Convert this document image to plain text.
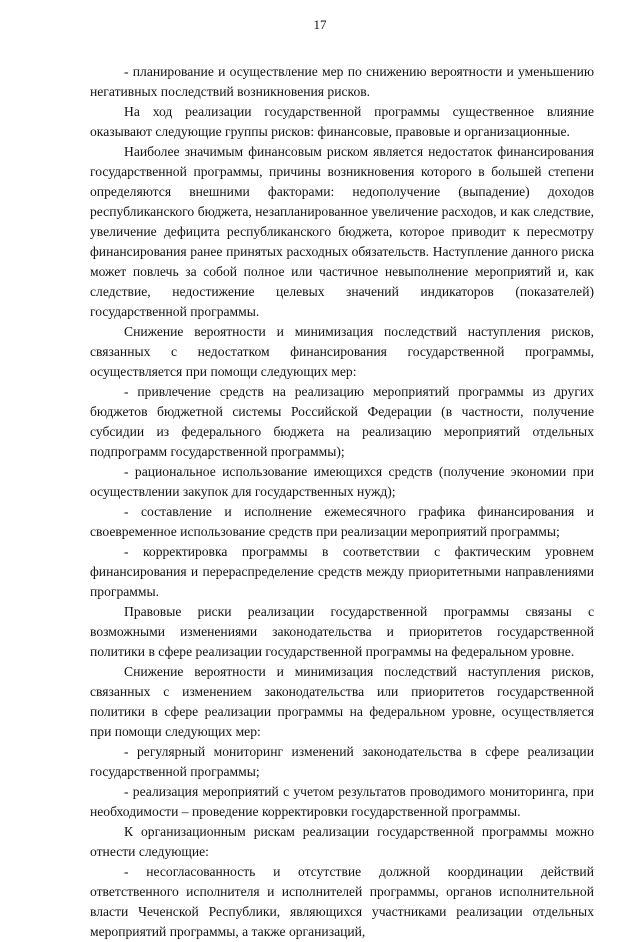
17

- планирование и осуществление мер по снижению вероятности и уменьшению негативных последствий возникновения рисков.

На ход реализации государственной программы существенное влияние оказывают следующие группы рисков: финансовые, правовые и организационные.

Наиболее значимым финансовым риском является недостаток финансирования государственной программы, причины возникновения которого в большей степени определяются внешними факторами: недополучение (выпадение) доходов республиканского бюджета, незапланированное увеличение расходов, и как следствие, увеличение дефицита республиканского бюджета, которое приводит к пересмотру финансирования ранее принятых расходных обязательств. Наступление данного риска может повлечь за собой полное или частичное невыполнение мероприятий и, как следствие, недостижение целевых значений индикаторов (показателей) государственной программы.

Снижение вероятности и минимизация последствий наступления рисков, связанных с недостатком финансирования государственной программы, осуществляется при помощи следующих мер:

- привлечение средств на реализацию мероприятий программы из других бюджетов бюджетной системы Российской Федерации (в частности, получение субсидии из федерального бюджета на реализацию мероприятий отдельных подпрограмм государственной программы);

- рациональное использование имеющихся средств (получение экономии при осуществлении закупок для государственных нужд);

- составление и исполнение ежемесячного графика финансирования и своевременное использование средств при реализации мероприятий программы;

- корректировка программы в соответствии с фактическим уровнем финансирования и перераспределение средств между приоритетными направлениями программы.

Правовые риски реализации государственной программы связаны с возможными изменениями законодательства и приоритетов государственной политики в сфере реализации государственной программы на федеральном уровне.

Снижение вероятности и минимизация последствий наступления рисков, связанных с изменением законодательства или приоритетов государственной политики в сфере реализации программы на федеральном уровне, осуществляется при помощи следующих мер:

- регулярный мониторинг изменений законодательства в сфере реализации государственной программы;

- реализация мероприятий с учетом результатов проводимого мониторинга, при необходимости – проведение корректировки государственной программы.

К организационным рискам реализации государственной программы можно отнести следующие:

- несогласованность и отсутствие должной координации действий ответственного исполнителя и исполнителей программы, органов исполнительной власти Чеченской Республики, являющихся участниками реализации отдельных мероприятий программы, а также организаций,
